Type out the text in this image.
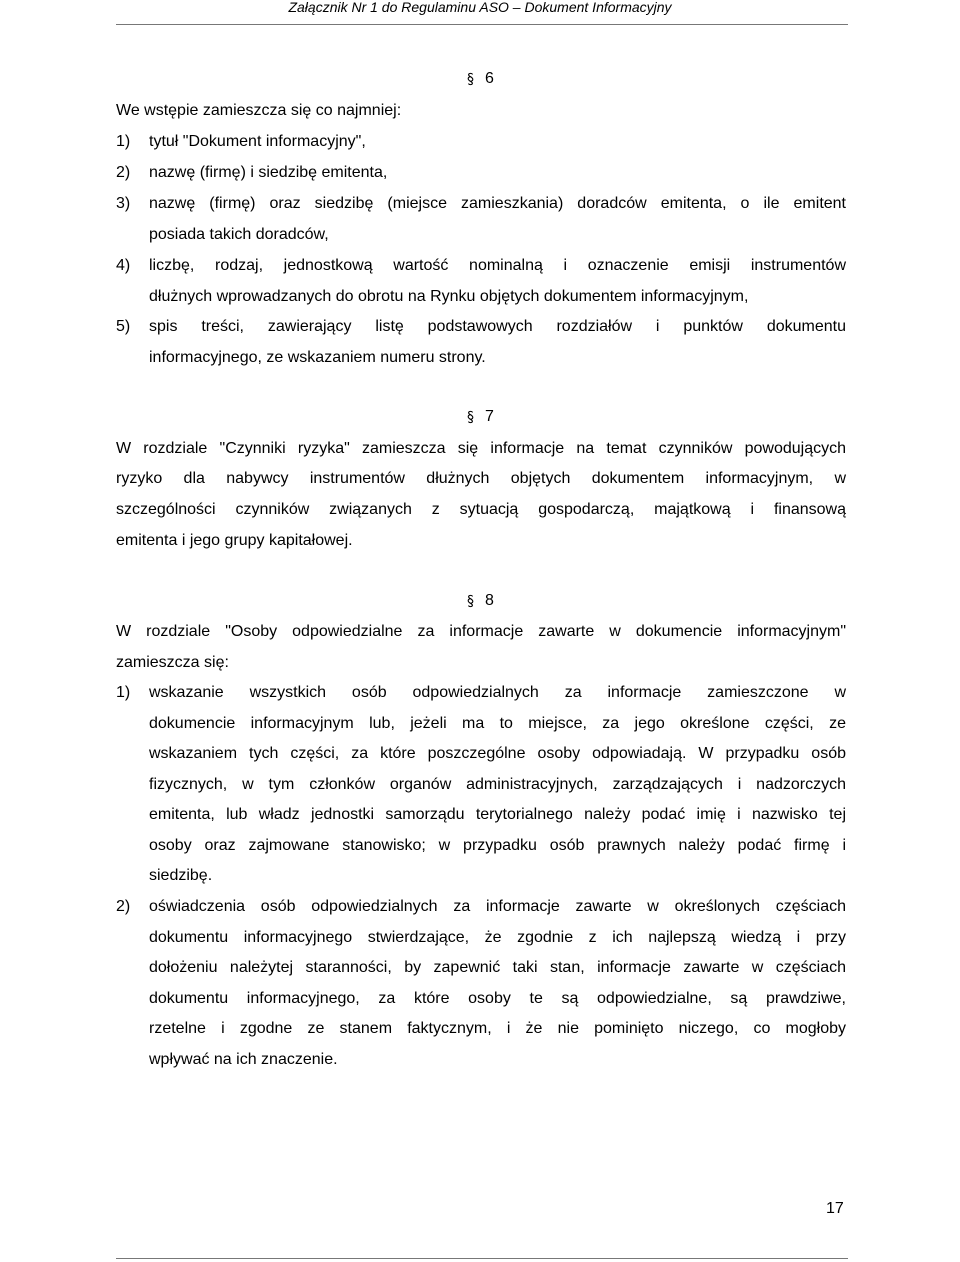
Załącznik Nr 1 do Regulaminu ASO – Dokument Informacyjny
6
We wstępie zamieszcza się co najmniej:
1) tytuł "Dokument informacyjny",
2) nazwę (firmę) i siedzibę emitenta,
3) nazwę (firmę) oraz siedzibę (miejsce zamieszkania) doradców emitenta, o ile emitent
posiada takich doradców,
4) liczbę, rodzaj, jednostkową wartość nominalną i oznaczenie emisji instrumentów
dłużnych wprowadzanych do obrotu na Rynku objętych dokumentem informacyjnym,
5) spis treści, zawierający listę podstawowych rozdziałów i punktów dokumentu
informacyjnego, ze wskazaniem numeru strony.
7
W rozdziale "Czynniki ryzyka" zamieszcza się informacje na temat czynników powodujących
ryzyko dla nabywcy instrumentów dłużnych objętych dokumentem informacyjnym, w
szczególności czynników związanych z sytuacją gospodarczą, majątkową i finansową
emitenta i jego grupy kapitałowej.
8
W rozdziale "Osoby odpowiedzialne za informacje zawarte w dokumencie informacyjnym"
zamieszcza się:
1) wskazanie wszystkich osób odpowiedzialnych za informacje zamieszczone w
dokumencie informacyjnym lub, jeżeli ma to miejsce, za jego określone części, ze
wskazaniem tych części, za które poszczególne osoby odpowiadają. W przypadku osób
fizycznych, w tym członków organów administracyjnych, zarządzających i nadzorczych
emitenta, lub władz jednostki samorządu terytorialnego należy podać imię i nazwisko tej
osoby oraz zajmowane stanowisko; w przypadku osób prawnych należy podać firmę i
siedzibę.
2) oświadczenia osób odpowiedzialnych za informacje zawarte w określonych częściach
dokumentu informacyjnego stwierdzające, że zgodnie z ich najlepszą wiedzą i przy
dołożeniu należytej staranności, by zapewnić taki stan, informacje zawarte w częściach
dokumentu informacyjnego, za które osoby te są odpowiedzialne, są prawdziwe,
rzetelne i zgodne ze stanem faktycznym, i że nie pominięto niczego, co mogłoby
wpływać na ich znaczenie.
17
